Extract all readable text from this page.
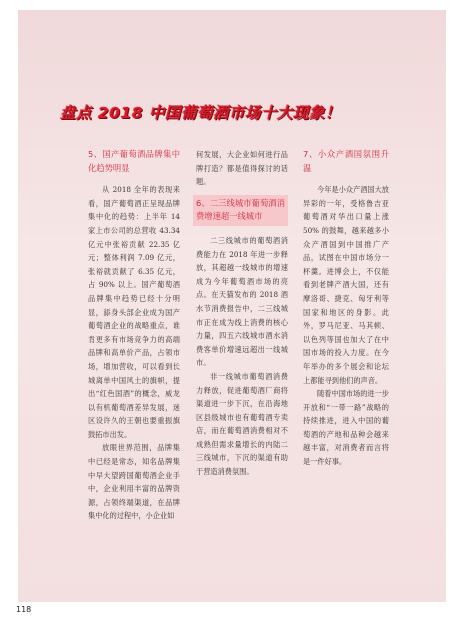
盘点 2018 中国葡萄酒市场十大现象！
5、国产葡萄酒品牌集中化趋势明显

从 2018 全年的表现来看，国产葡萄酒正呈现品牌集中化的趋势：上半年 14 家上市公司的总营收 43.34 亿元中张裕贡献 22.35 亿元；整体利润 7.09 亿元，张裕就贡献了 6.35 亿元，占 90% 以上。国产葡萄酒品牌集中趋势已经十分明显，舔身头部企业成为国产葡萄酒企业的战略重点，谁肯更多有市场竞争力的高端品牌和高单价产品，占领市场，增加营收，可以看到长城离单中国风土的旗帜，提出“红色国酒”的概念，威龙以有机葡萄酒差异发展，迷区设许久的王朝也要重振旗鼓拓市出发。

放眼世界范围，品牌集中已经是常态，知名品牌集中早大望跨国葡萄酒企业手中，企业利用丰富的品牌资源，占领终端渠道，在品牌集中化的过程中，小企业如

何发展，大企业如何进行品牌打造？都是值得探讨的话题。

6、二三线城市葡萄酒消费增速超一线城市

二三线城市的葡萄酒消费能力在 2018 年进一步释放，其超越一线城市的增速成为今年葡萄酒市场的亮点。在天猫发布的 2018 酒水节消费报告中，二三线城市正在成为线上消费的核心力量，四五六线城市酒水消费客单价增速远超出一线城市。

非一线城市葡萄酒消费力释放，促进葡萄酒厂商将渠道进一步下沉，在沿海地区县级城市也有葡萄酒专卖店，而在葡萄酒消费相对不成熟但需求量增长的内陆二三线城市，下沉的渠道有助于营造消费氛围。

7、小众产酒国氛围升温

今年是小众产酒国大放异彩的一年，受格鲁吉亚葡萄酒对华出口量上涨 50% 的鼓舞，越来越多小众产酒国到中国推广产品，试图在中国市场分一杯羹。进博会上，不仅能看到老牌产酒大国，还有摩洛哥、捷克、匈牙利等国家和地区的身影。此外，罗马尼亚、马其顿、以色列等国也加大了在中国市场的投入力度。在今年举办的多个展会和论坛上都能寻到他们的声音。

随着中国市场的进一步开放和“一带一路”战略的持续推进，进入中国的葡萄酒的产地和品种会越来越丰富，对消费者而言将是一件好事。

118
